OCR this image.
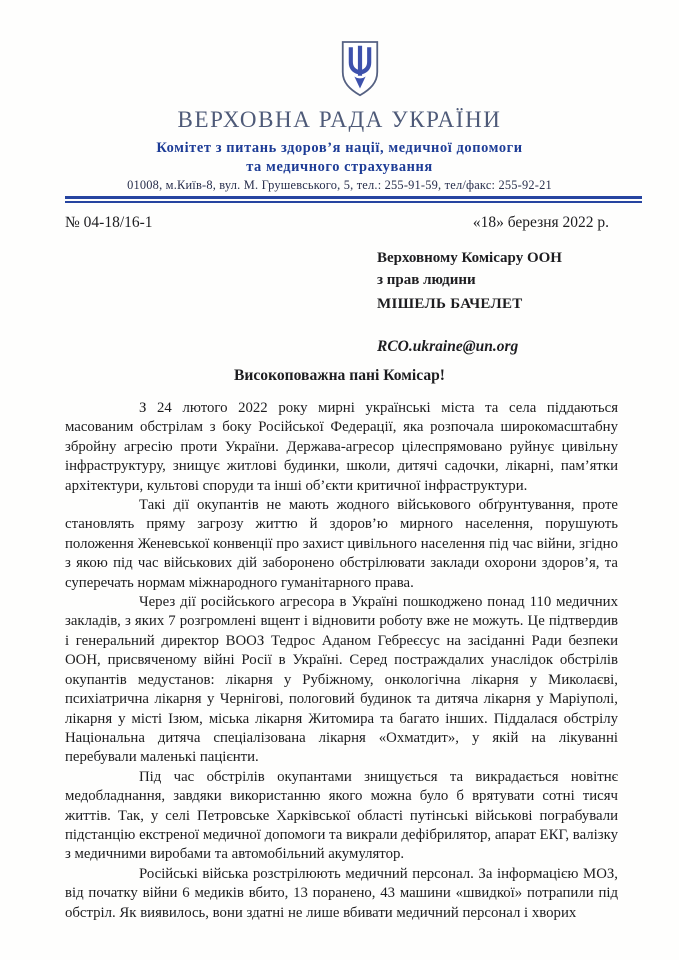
ВЕРХОВНА РАДА УКРАЇНИ
Комітет з питань здоров’я нації, медичної допомоги
та медичного страхування
01008, м.Київ-8, вул. М. Грушевського, 5, тел.: 255-91-59, тел/факс: 255-92-21
№ 04-18/16-1	«18» березня 2022 р.
Верховному Комісару ООН
з прав людини
МІШЕЛЬ БАЧЕЛЕТ
RCO.ukraine@un.org
Високоповажна пані Комісар!

З 24 лютого 2022 року мирні українські міста та села піддаються масованим обстрілам з боку Російської Федерації, яка розпочала широкомасштабну збройну агресію проти України. Держава-агресор цілеспрямовано руйнує цивільну інфраструктуру, знищує житлові будинки, школи, дитячі садочки, лікарні, пам’ятки архітектури, культові споруди та інші об’єкти критичної інфраструктури.

Такі дії окупантів не мають жодного військового обґрунтування, проте становлять пряму загрозу життю й здоров’ю мирного населення, порушують положення Женевської конвенції про захист цивільного населення під час війни, згідно з якою під час військових дій заборонено обстрілювати заклади охорони здоров’я, та суперечать нормам міжнародного гуманітарного права.

Через дії російського агресора в Україні пошкоджено понад 110 медичних закладів, з яких 7 розгромлені вщент і відновити роботу вже не можуть. Це підтвердив і генеральний директор ВООЗ Тедрос Аданом Гебреєсус на засіданні Ради безпеки ООН, присвяченому війні Росії в Україні. Серед постраждалих унаслідок обстрілів окупантів медустанов: лікарня у Рубіжному, онкологічна лікарня у Миколаєві, психіатрична лікарня у Чернігові, пологовий будинок та дитяча лікарня у Маріуполі, лікарня у місті Ізюм, міська лікарня Житомира та багато інших. Піддалася обстрілу Національна дитяча спеціалізована лікарня «Охматдит», у якій на лікуванні перебували маленькі пацієнти.

Під час обстрілів окупантами знищується та викрадається новітнє медобладнання, завдяки використанню якого можна було б врятувати сотні тисяч життів. Так, у селі Петровське Харківської області путінські військові пограбували підстанцію екстреної медичної допомоги та викрали дефібрилятор, апарат ЕКГ, валізку з медичними виробами та автомобільний акумулятор.

Російські війська розстрілюють медичний персонал. За інформацією МОЗ, від початку війни 6 медиків вбито, 13 поранено, 43 машини «швидкої» потрапили під обстріл. Як виявилось, вони здатні не лише вбивати медичний персонал і хворих
